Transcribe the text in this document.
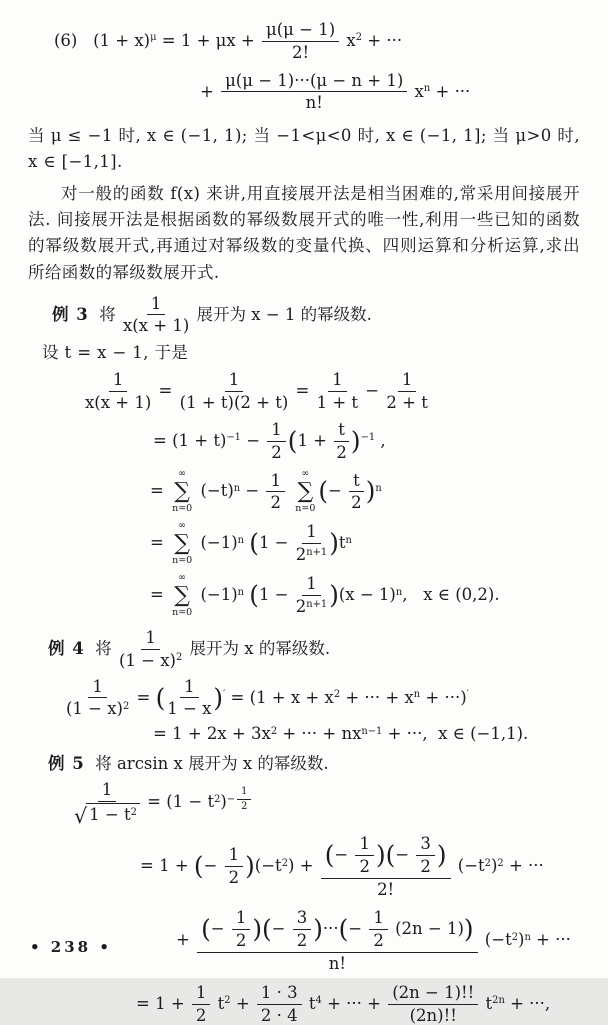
(6)   $(1 + x)\mu = 1 + \mu x + \frac{\mu(\mu - 1)}{2!} x2$ + ···
+ $\frac{\mu(\mu - 1)\cdot\cdot\cdot(\mu - n + 1)}{n!}$ xn + ···

当 μ ≤ −1 时, x ∈ (−1, 1); 当 −1<μ<0 时, x ∈ (−1, 1]; 当 μ>0 时, x ∈ [−1,1].

对一般的函数 f(x) 来讲,用直接展开法是相当困难的,常采用间接展开法. 间接展开法是根据函数的幂级数展开式的唯一性,利用一些已知的函数的幂级数展开式,再通过对幂级数的变量代换、四则运算和分析运算,求出所给函数的幂级数展开式.

例 3  将 $\frac{1}{x(x + 1)}$ 展开为 x − 1 的幂级数.
设 t = x − 1, 于是
$\frac{1}{x(x + 1)} = \frac{1}{(1 + t)(2 + t)} = \frac{1}{1 + t} - \frac{1}{2 + t}$
= $(1 + t)-1 - \frac{1}{2} (1 + \frac{t}{2} )-1$ ,
=
∞
∑
n=0
$(-t)n - \frac{1}{2}$
∞
∑
n=0
(− $\frac{t}{2} )n$
=
∞
∑
n=0
(−1)n $(1 - \frac{1}{2n+1} )tn$
=
∞
∑
n=0
(−1)n $(1 - \frac{1}{2n+1} )(x - 1)n$,   x ∈ (0,2).
例 4  将 $\frac{1}{(1 - x)2}$ 展开为 x 的幂级数.
$\frac{1}{(1 - x)2}$ = ( $\frac{1}{1 - x}$ )′ = (1 + x + x2 + ··· + xn + ···)′
= 1 + 2x + 3x2 + ··· + nxn−1 + ···,  x ∈ (−1,1).
例 5  将 arcsin x 展开为 x 的幂级数.
$\frac{1}{√ 1 - t2} = (1 - t2)- \frac{1}{2}$
= 1 + (− $\frac{1}{2} )(-t2) + \frac{(- \frac{1}{2} )(- \frac{3}{2} )}{2!} (-t2)2$ + ···
+ $\frac{(- \frac{1}{2} )(- \frac{3}{2} )\cdot\cdot\cdot(- \frac{1}{2} (2n - 1))}{n!} (-t2)n$ + ···
= $1 + \frac{1}{2} t2 + \frac{1 \cdot 3}{2 \cdot 4} t4$ + ··· + $\frac{(2n - 1)!!}{(2n)!!} t2n$ + ···,
• 238 •
